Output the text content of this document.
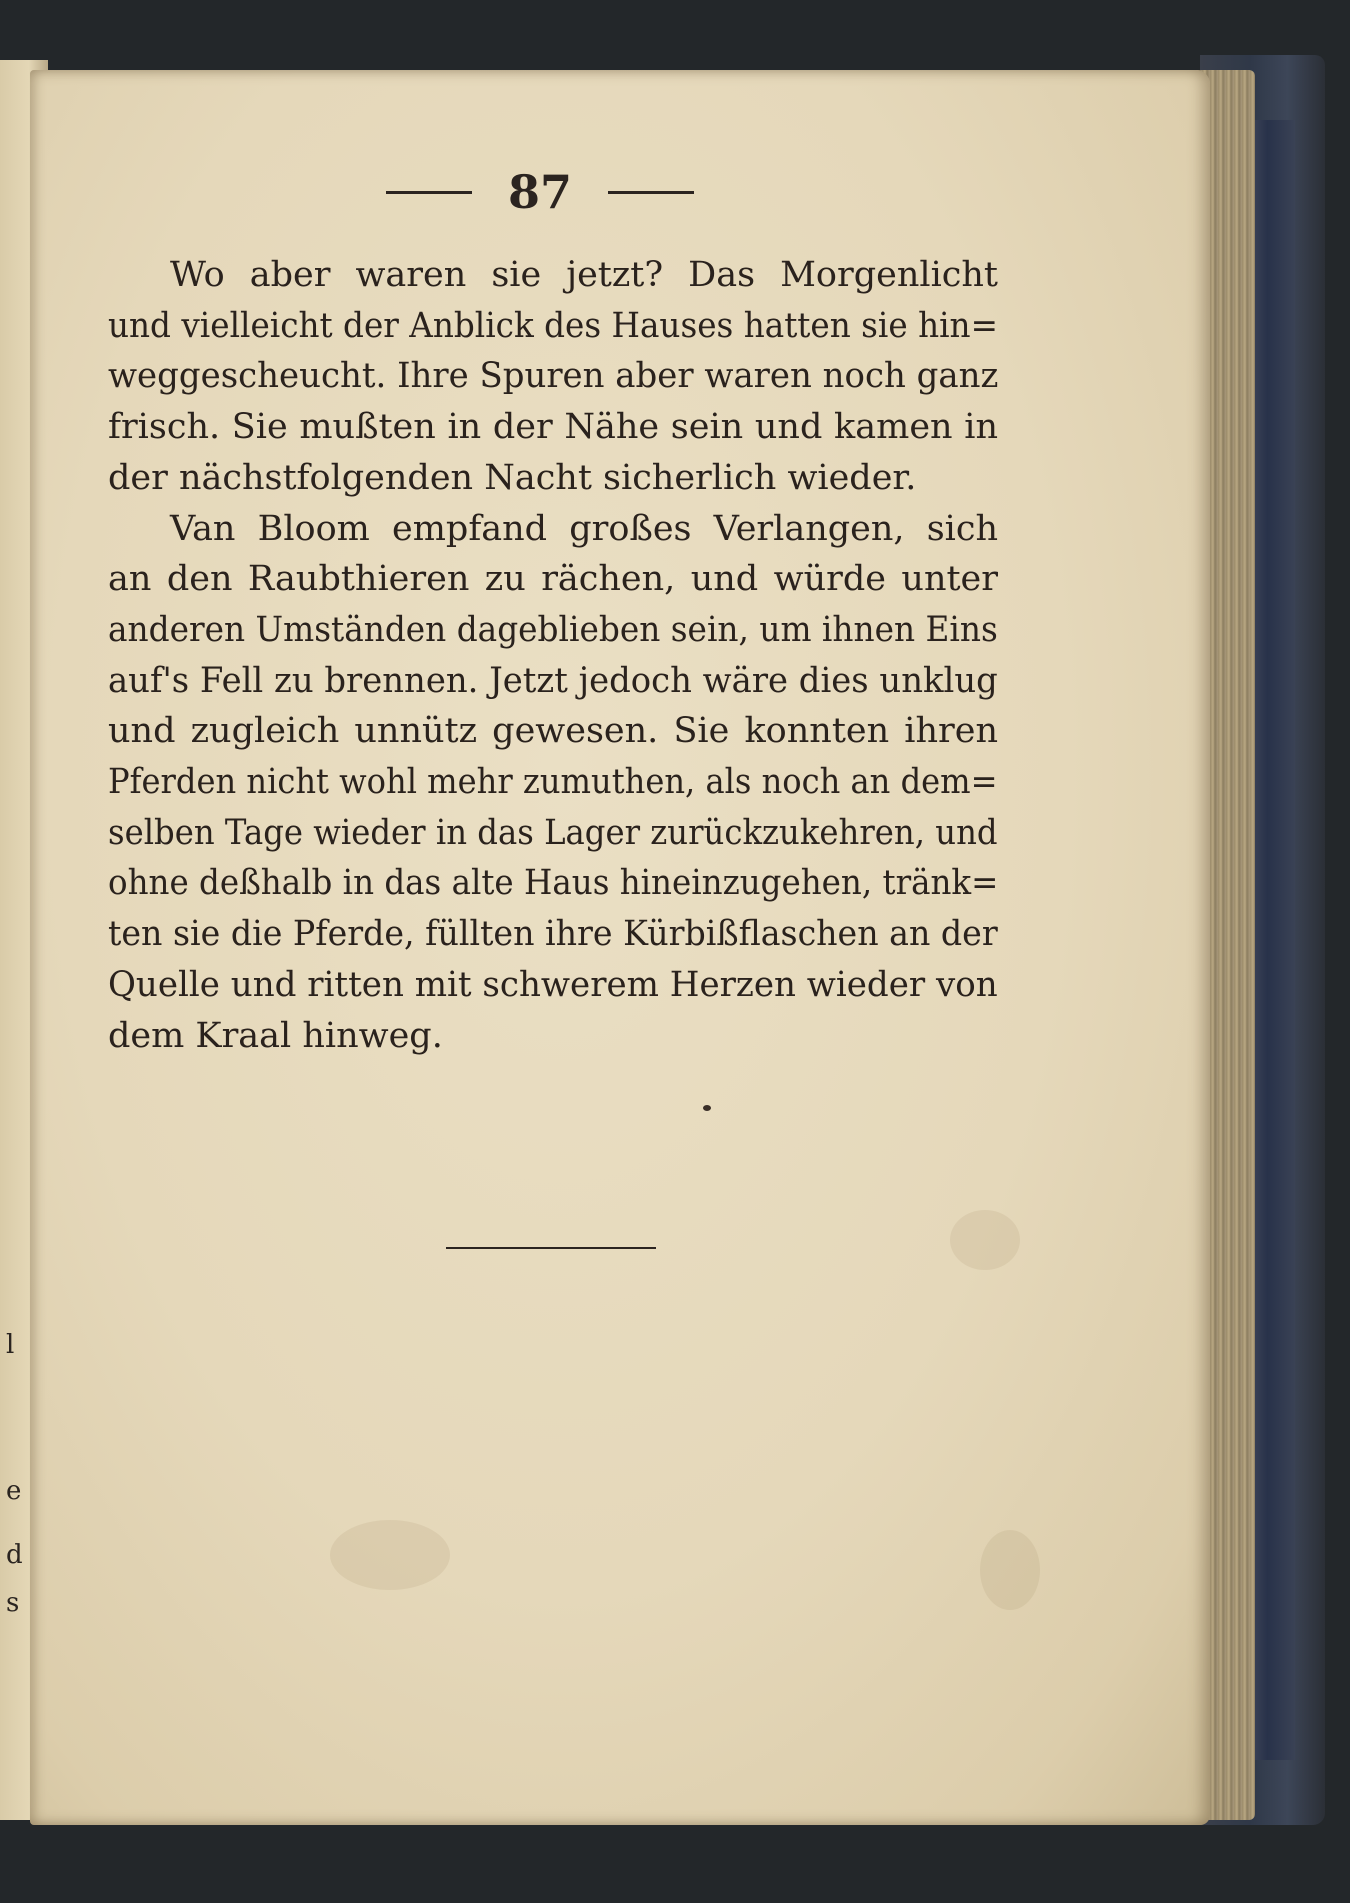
l
e
d
s
87
Wo aber waren sie jetzt? Das Morgenlicht
und vielleicht der Anblick des Hauses hatten sie hin=
weggescheucht. Ihre Spuren aber waren noch ganz
frisch. Sie mußten in der Nähe sein und kamen in
der nächstfolgenden Nacht sicherlich wieder.
Van Bloom empfand großes Verlangen, sich
an den Raubthieren zu rächen, und würde unter
anderen Umständen dageblieben sein, um ihnen Eins
auf's Fell zu brennen. Jetzt jedoch wäre dies unklug
und zugleich unnütz gewesen. Sie konnten ihren
Pferden nicht wohl mehr zumuthen, als noch an dem=
selben Tage wieder in das Lager zurückzukehren, und
ohne deßhalb in das alte Haus hineinzugehen, tränk=
ten sie die Pferde, füllten ihre Kürbißflaschen an der
Quelle und ritten mit schwerem Herzen wieder von
dem Kraal hinweg.
